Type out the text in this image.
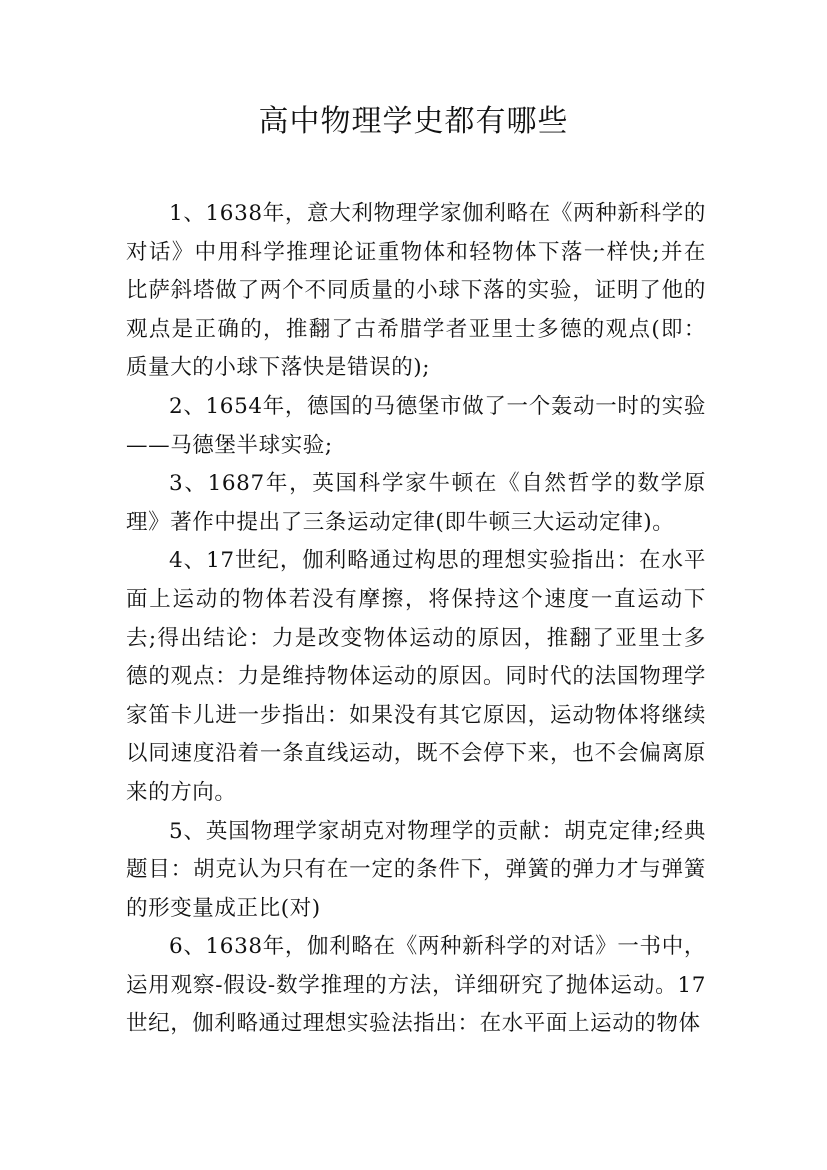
高中物理学史都有哪些

1、1638年，意大利物理学家伽利略在《两种新科学的对话》中用科学推理论证重物体和轻物体下落一样快;并在比萨斜塔做了两个不同质量的小球下落的实验，证明了他的观点是正确的，推翻了古希腊学者亚里士多德的观点(即：质量大的小球下落快是错误的);

2、1654年，德国的马德堡市做了一个轰动一时的实验——马德堡半球实验;

3、1687年，英国科学家牛顿在《自然哲学的数学原理》著作中提出了三条运动定律(即牛顿三大运动定律)。

4、17世纪，伽利略通过构思的理想实验指出：在水平面上运动的物体若没有摩擦，将保持这个速度一直运动下去;得出结论：力是改变物体运动的原因，推翻了亚里士多德的观点：力是维持物体运动的原因。同时代的法国物理学家笛卡儿进一步指出：如果没有其它原因，运动物体将继续以同速度沿着一条直线运动，既不会停下来，也不会偏离原来的方向。

5、英国物理学家胡克对物理学的贡献：胡克定律;经典题目：胡克认为只有在一定的条件下，弹簧的弹力才与弹簧的形变量成正比(对)

6、1638年，伽利略在《两种新科学的对话》一书中，运用观察-假设-数学推理的方法，详细研究了抛体运动。17世纪，伽利略通过理想实验法指出：在水平面上运动的物体
